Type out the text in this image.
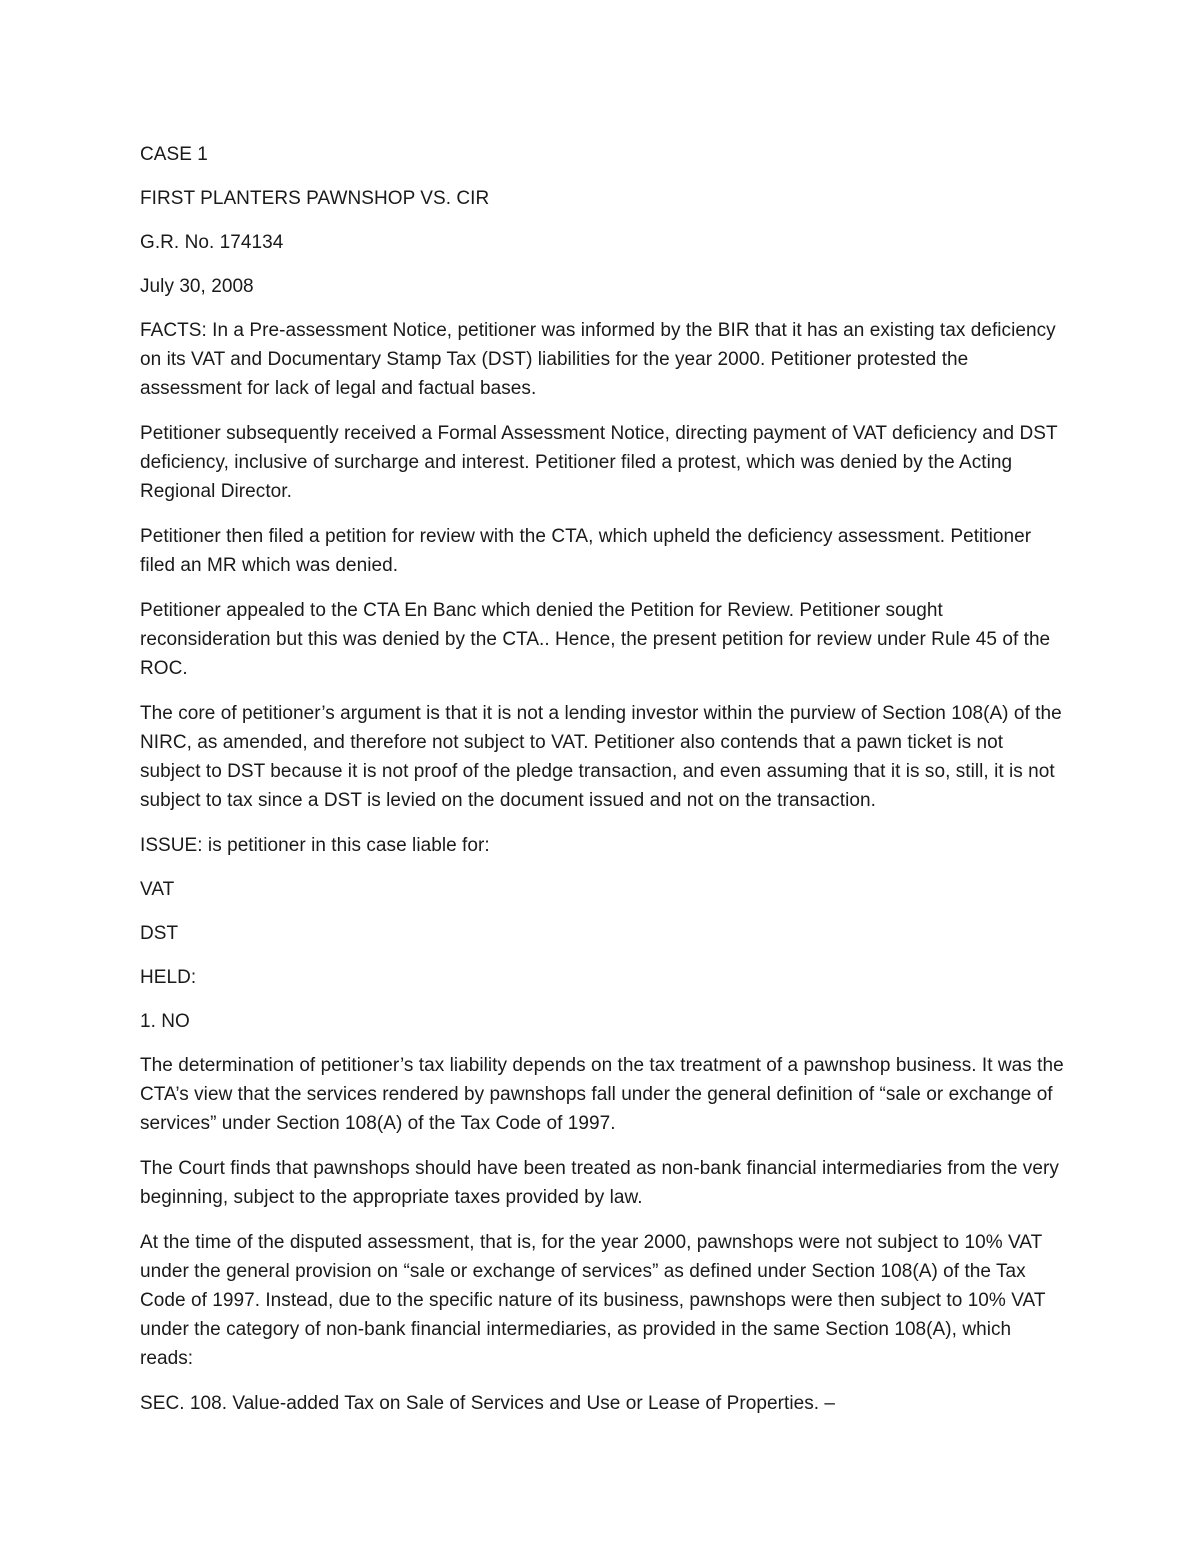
CASE 1

FIRST PLANTERS PAWNSHOP VS. CIR

G.R. No. 174134

July 30, 2008

FACTS: In a Pre-assessment Notice, petitioner was informed by the BIR that it has an existing tax deficiency on its VAT and Documentary Stamp Tax (DST) liabilities for the year 2000. Petitioner protested the assessment for lack of legal and factual bases.

Petitioner subsequently received a Formal Assessment Notice, directing payment of VAT deficiency and DST deficiency, inclusive of surcharge and interest. Petitioner filed a protest, which was denied by the Acting Regional Director.

Petitioner then filed a petition for review with the CTA, which upheld the deficiency assessment. Petitioner filed an MR which was denied.

Petitioner appealed to the CTA En Banc which denied the Petition for Review. Petitioner sought reconsideration but this was denied by the CTA.. Hence, the present petition for review under Rule 45 of the ROC.

The core of petitioner’s argument is that it is not a lending investor within the purview of Section 108(A) of the NIRC, as amended, and therefore not subject to VAT. Petitioner also contends that a pawn ticket is not subject to DST because it is not proof of the pledge transaction, and even assuming that it is so, still, it is not subject to tax since a DST is levied on the document issued and not on the transaction.

ISSUE: is petitioner in this case liable for:

VAT

DST

HELD:

1. NO

The determination of petitioner’s tax liability depends on the tax treatment of a pawnshop business. It was the CTA’s view that the services rendered by pawnshops fall under the general definition of “sale or exchange of services” under Section 108(A) of the Tax Code of 1997.

The Court finds that pawnshops should have been treated as non-bank financial intermediaries from the very beginning, subject to the appropriate taxes provided by law.

At the time of the disputed assessment, that is, for the year 2000, pawnshops were not subject to 10% VAT under the general provision on “sale or exchange of services” as defined under Section 108(A) of the Tax Code of 1997. Instead, due to the specific nature of its business, pawnshops were then subject to 10% VAT under the category of non-bank financial intermediaries, as provided in the same Section 108(A), which reads:

SEC. 108. Value-added Tax on Sale of Services and Use or Lease of Properties. –
